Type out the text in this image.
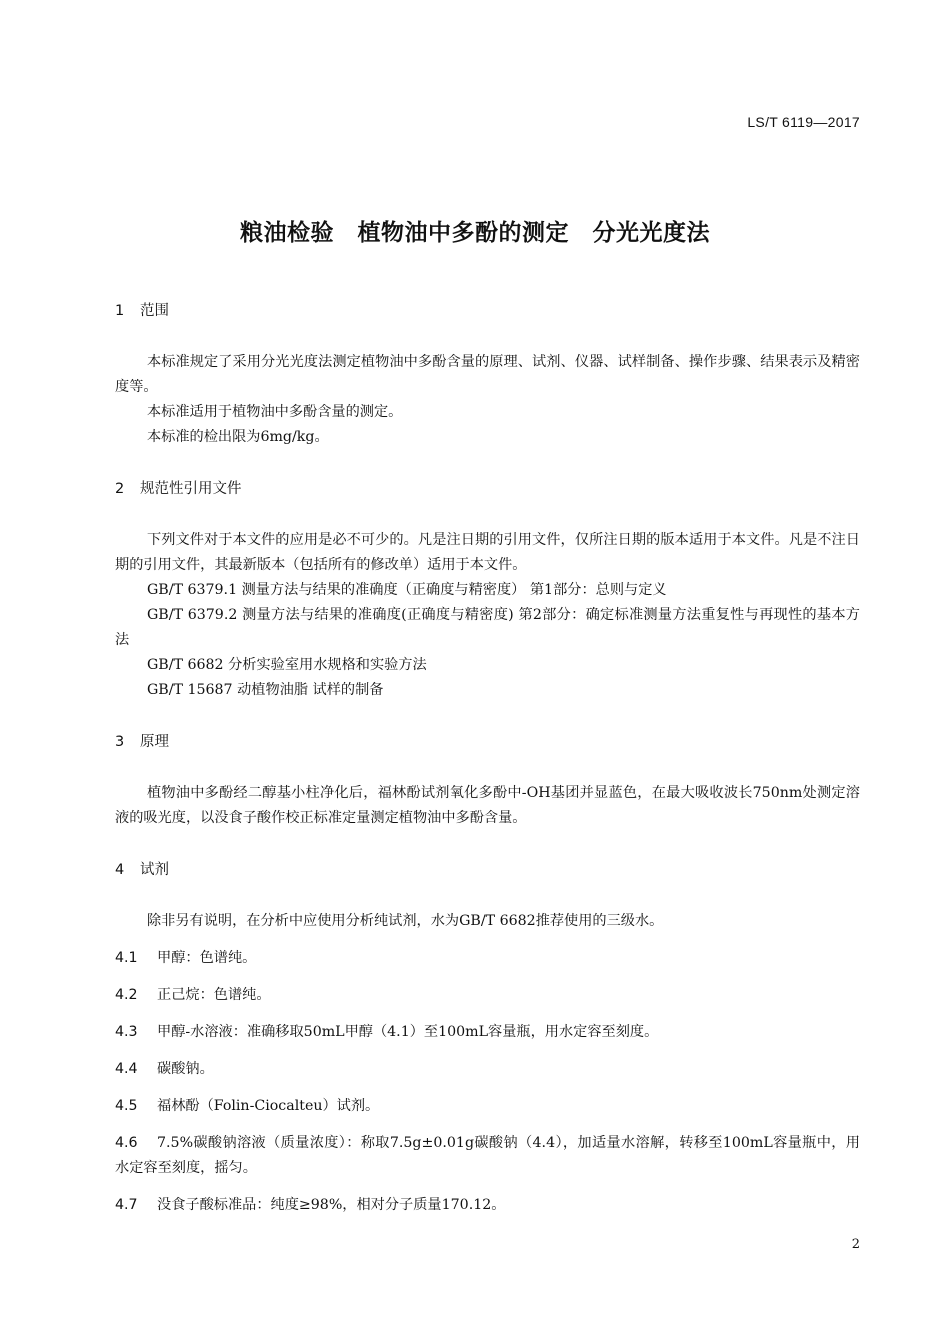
LS/T 6119—2017
粮油检验　植物油中多酚的测定　分光光度法
1 范围

本标准规定了采用分光光度法测定植物油中多酚含量的原理、试剂、仪器、试样制备、操作步骤、结果表示及精密度等。

本标准适用于植物油中多酚含量的测定。

本标准的检出限为6mg/kg。

2 规范性引用文件

下列文件对于本文件的应用是必不可少的。凡是注日期的引用文件，仅所注日期的版本适用于本文件。凡是不注日期的引用文件，其最新版本（包括所有的修改单）适用于本文件。

GB/T 6379.1 测量方法与结果的准确度（正确度与精密度） 第1部分：总则与定义

GB/T 6379.2 测量方法与结果的准确度(正确度与精密度) 第2部分：确定标准测量方法重复性与再现性的基本方法

GB/T 6682 分析实验室用水规格和实验方法

GB/T 15687 动植物油脂 试样的制备

3 原理

植物油中多酚经二醇基小柱净化后，福林酚试剂氧化多酚中-OH基团并显蓝色，在最大吸收波长750nm处测定溶液的吸光度，以没食子酸作校正标准定量测定植物油中多酚含量。

4 试剂

除非另有说明，在分析中应使用分析纯试剂，水为GB/T 6682推荐使用的三级水。

4.1 甲醇：色谱纯。

4.2 正己烷：色谱纯。

4.3 甲醇-水溶液：准确移取50mL甲醇（4.1）至100mL容量瓶，用水定容至刻度。

4.4 碳酸钠。

4.5 福林酚（Folin-Ciocalteu）试剂。

4.6 7.5%碳酸钠溶液（质量浓度）：称取7.5g±0.01g碳酸钠（4.4），加适量水溶解，转移至100mL容量瓶中，用水定容至刻度，摇匀。

4.7 没食子酸标准品：纯度≥98%，相对分子质量170.12。

2
